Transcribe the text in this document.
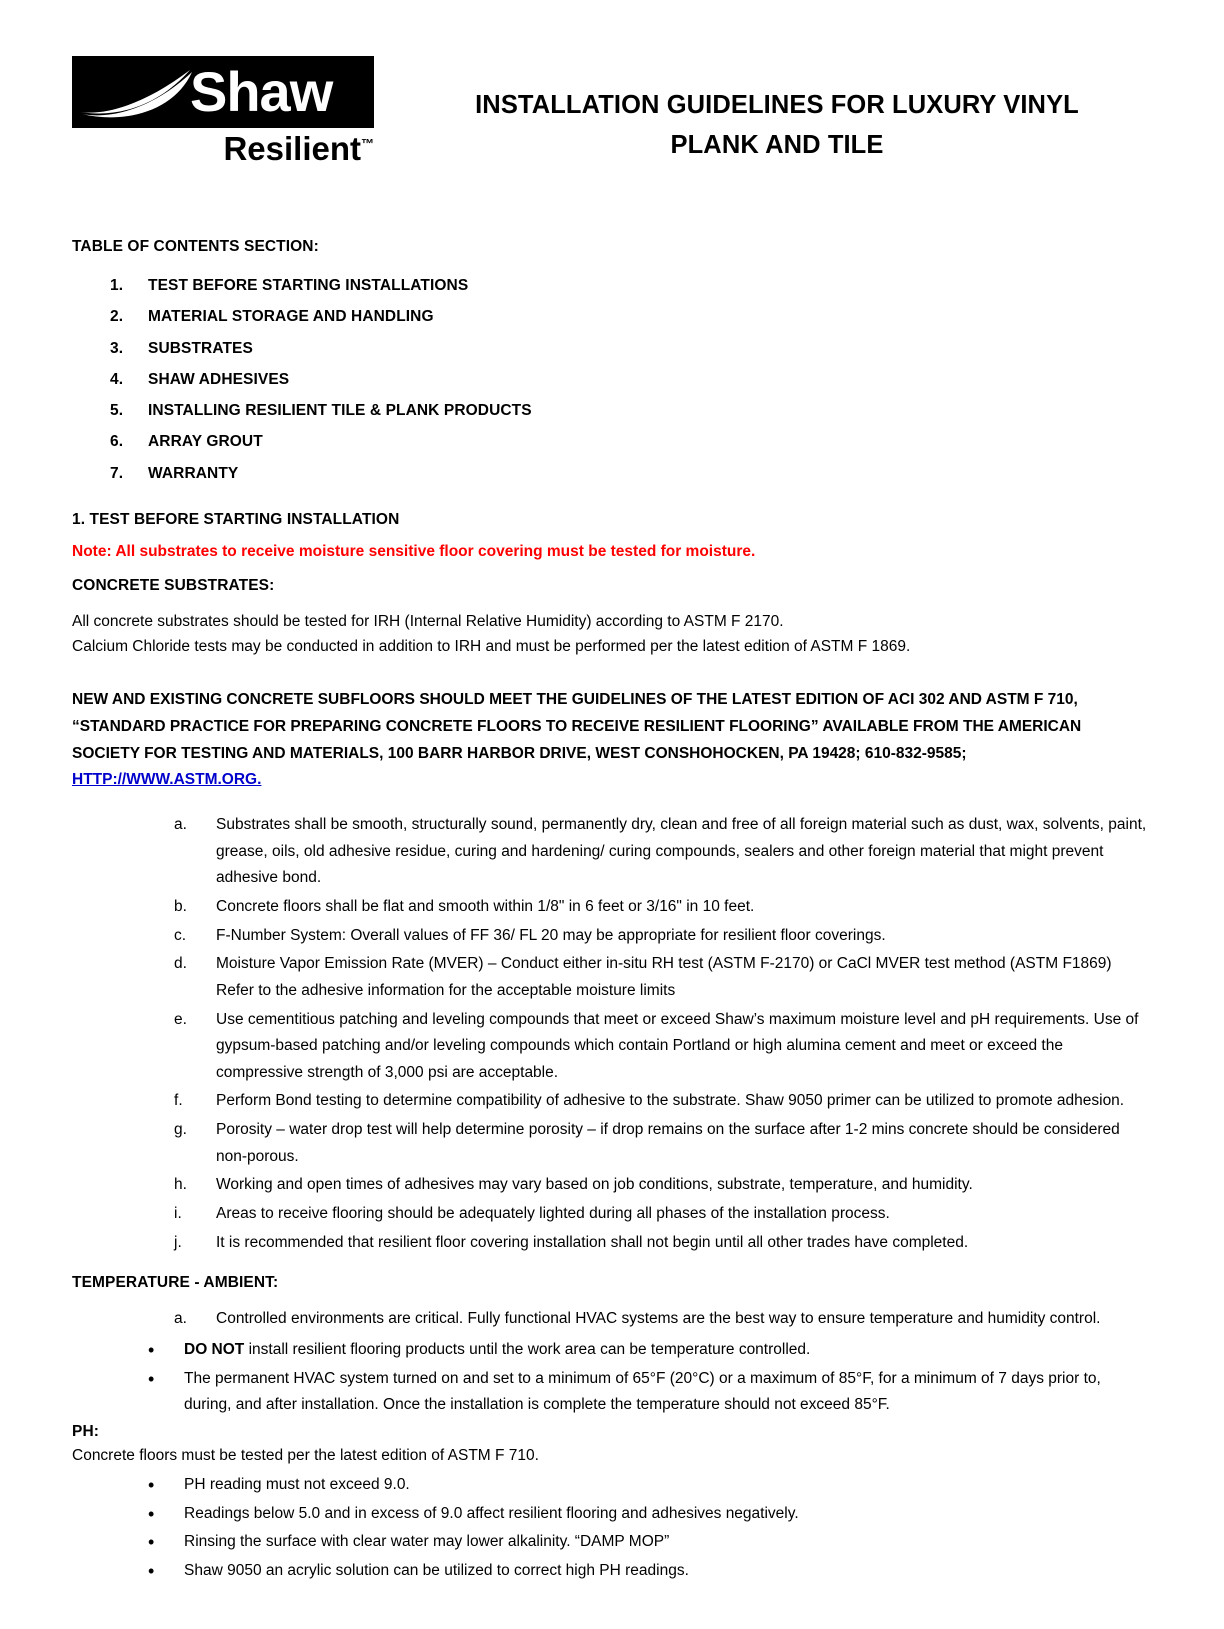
Shaw
Resilient™
INSTALLATION GUIDELINES FOR LUXURY VINYL
PLANK AND TILE
TABLE OF CONTENTS SECTION:
TEST BEFORE STARTING INSTALLATIONS
MATERIAL STORAGE AND HANDLING
SUBSTRATES
SHAW ADHESIVES
INSTALLING RESILIENT TILE & PLANK PRODUCTS
ARRAY GROUT
WARRANTY
1. TEST BEFORE STARTING INSTALLATION
Note: All substrates to receive moisture sensitive floor covering must be tested for moisture.
CONCRETE SUBSTRATES:
All concrete substrates should be tested for IRH (Internal Relative Humidity) according to ASTM F 2170.
Calcium Chloride tests may be conducted in addition to IRH and must be performed per the latest edition of ASTM F 1869.
NEW AND EXISTING CONCRETE SUBFLOORS SHOULD MEET THE GUIDELINES OF THE LATEST EDITION OF ACI 302 AND ASTM F 710, “STANDARD PRACTICE FOR PREPARING CONCRETE FLOORS TO RECEIVE RESILIENT FLOORING” AVAILABLE FROM THE AMERICAN SOCIETY FOR TESTING AND MATERIALS, 100 BARR HARBOR DRIVE, WEST CONSHOHOCKEN, PA 19428; 610-832-9585; HTTP://WWW.ASTM.ORG.
Substrates shall be smooth, structurally sound, permanently dry, clean and free of all foreign material such as dust, wax, solvents, paint, grease, oils, old adhesive residue, curing and hardening/ curing compounds, sealers and other foreign material that might prevent adhesive bond.
Concrete floors shall be flat and smooth within 1/8" in 6 feet or 3/16" in 10 feet.
F-Number System: Overall values of FF 36/ FL 20 may be appropriate for resilient floor coverings.
Moisture Vapor Emission Rate (MVER) – Conduct either in-situ RH test (ASTM F-2170) or CaCl MVER test method (ASTM F1869) Refer to the adhesive information for the acceptable moisture limits
Use cementitious patching and leveling compounds that meet or exceed Shaw’s maximum moisture level and pH requirements. Use of gypsum-based patching and/or leveling compounds which contain Portland or high alumina cement and meet or exceed the compressive strength of 3,000 psi are acceptable.
Perform Bond testing to determine compatibility of adhesive to the substrate. Shaw 9050 primer can be utilized to promote adhesion.
Porosity – water drop test will help determine porosity – if drop remains on the surface after 1-2 mins concrete should be considered non-porous.
Working and open times of adhesives may vary based on job conditions, substrate, temperature, and humidity.
Areas to receive flooring should be adequately lighted during all phases of the installation process.
It is recommended that resilient floor covering installation shall not begin until all other trades have completed.
TEMPERATURE - AMBIENT:
Controlled environments are critical. Fully functional HVAC systems are the best way to ensure temperature and humidity control.
• DO NOT install resilient flooring products until the work area can be temperature controlled.
• The permanent HVAC system turned on and set to a minimum of 65°F (20°C) or a maximum of 85°F, for a minimum of 7 days prior to, during, and after installation. Once the installation is complete the temperature should not exceed 85°F.
PH:
Concrete floors must be tested per the latest edition of ASTM F 710.
• PH reading must not exceed 9.0.
• Readings below 5.0 and in excess of 9.0 affect resilient flooring and adhesives negatively.
• Rinsing the surface with clear water may lower alkalinity. “DAMP MOP”
• Shaw 9050 an acrylic solution can be utilized to correct high PH readings.
